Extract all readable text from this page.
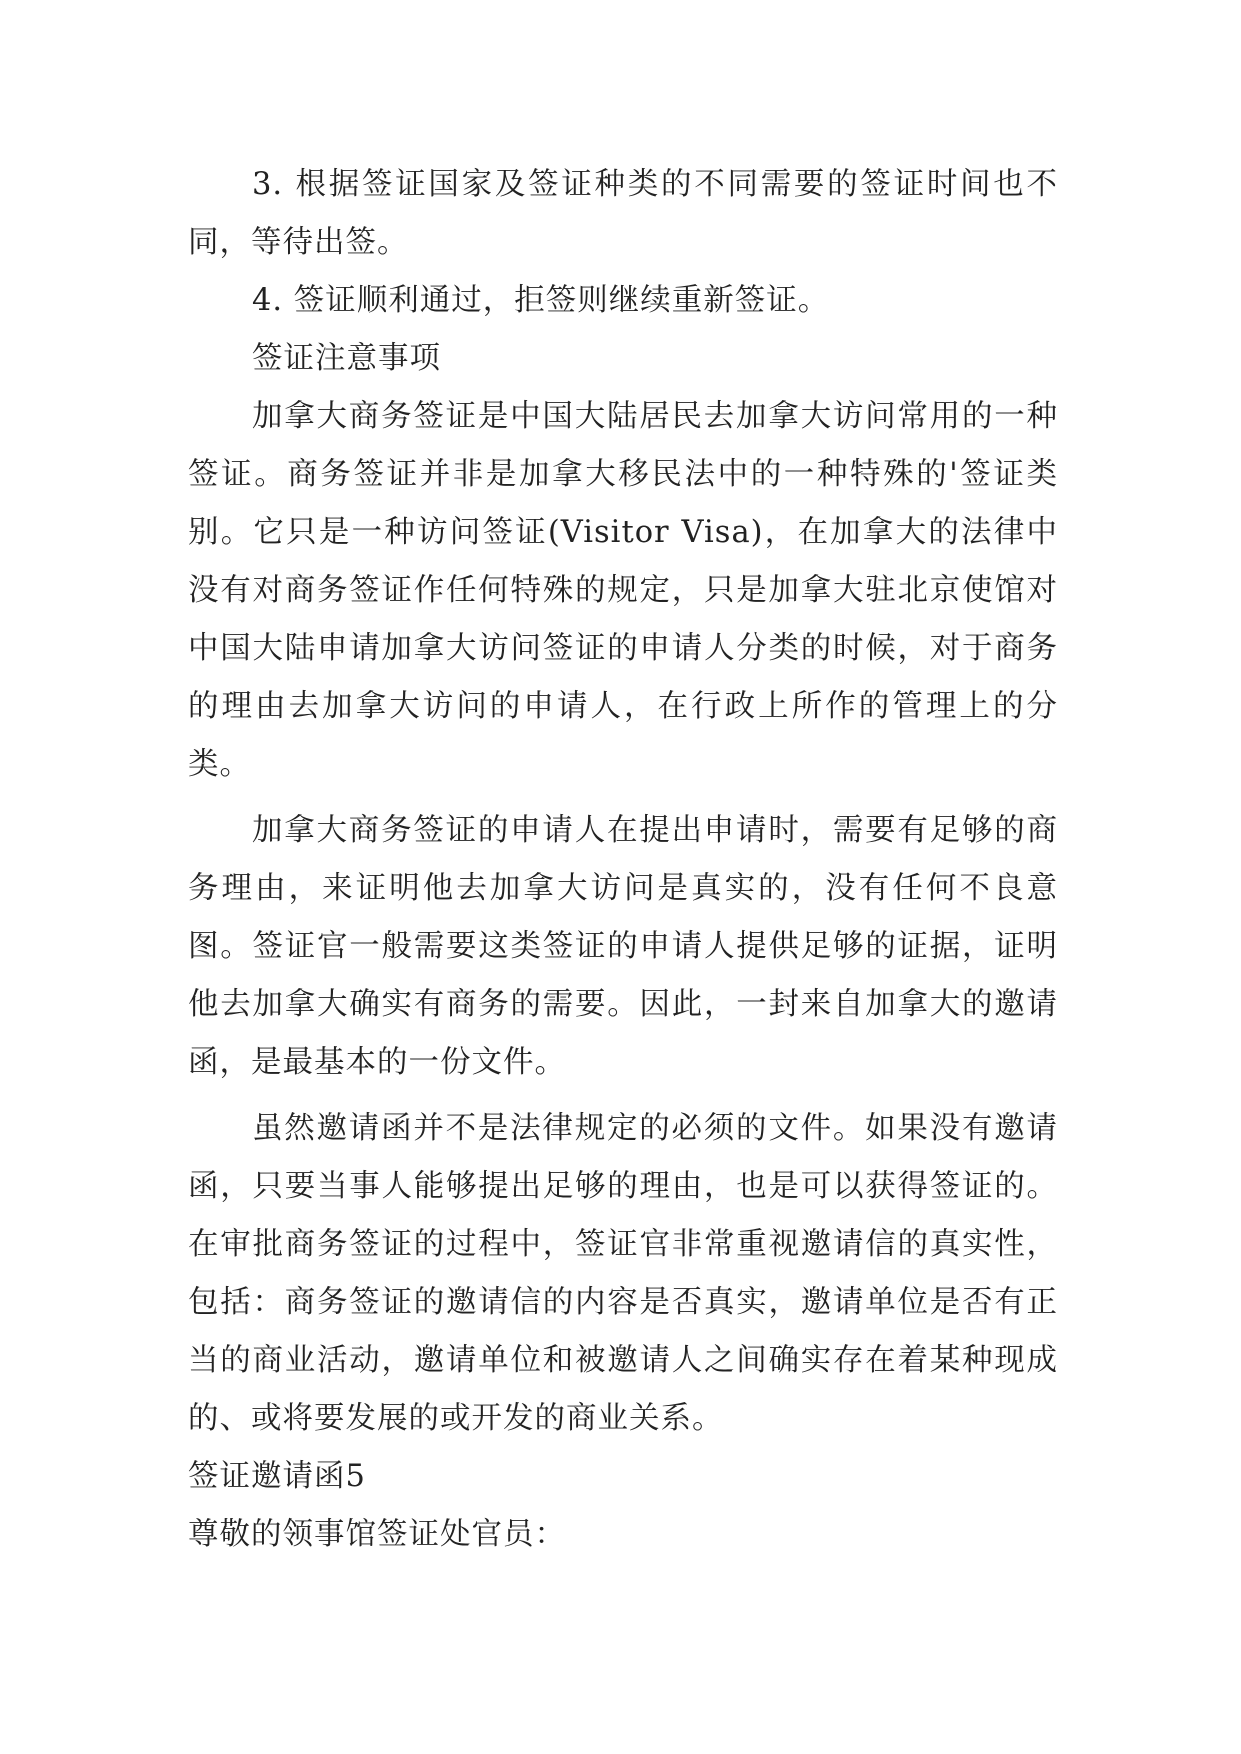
3. 根据签证国家及签证种类的不同需要的签证时间也不同，等待出签。

4. 签证顺利通过，拒签则继续重新签证。

签证注意事项

加拿大商务签证是中国大陆居民去加拿大访问常用的一种签证。商务签证并非是加拿大移民法中的一种特殊的'签证类别。它只是一种访问签证(Visitor Visa)，在加拿大的法律中没有对商务签证作任何特殊的规定，只是加拿大驻北京使馆对中国大陆申请加拿大访问签证的申请人分类的时候，对于商务的理由去加拿大访问的申请人，在行政上所作的管理上的分类。

加拿大商务签证的申请人在提出申请时，需要有足够的商务理由，来证明他去加拿大访问是真实的，没有任何不良意图。签证官一般需要这类签证的申请人提供足够的证据，证明他去加拿大确实有商务的需要。因此，一封来自加拿大的邀请函，是最基本的一份文件。

虽然邀请函并不是法律规定的必须的文件。如果没有邀请函，只要当事人能够提出足够的理由，也是可以获得签证的。在审批商务签证的过程中，签证官非常重视邀请信的真实性，包括：商务签证的邀请信的内容是否真实，邀请单位是否有正当的商业活动，邀请单位和被邀请人之间确实存在着某种现成的、或将要发展的或开发的商业关系。

签证邀请函5

尊敬的领事馆签证处官员：
